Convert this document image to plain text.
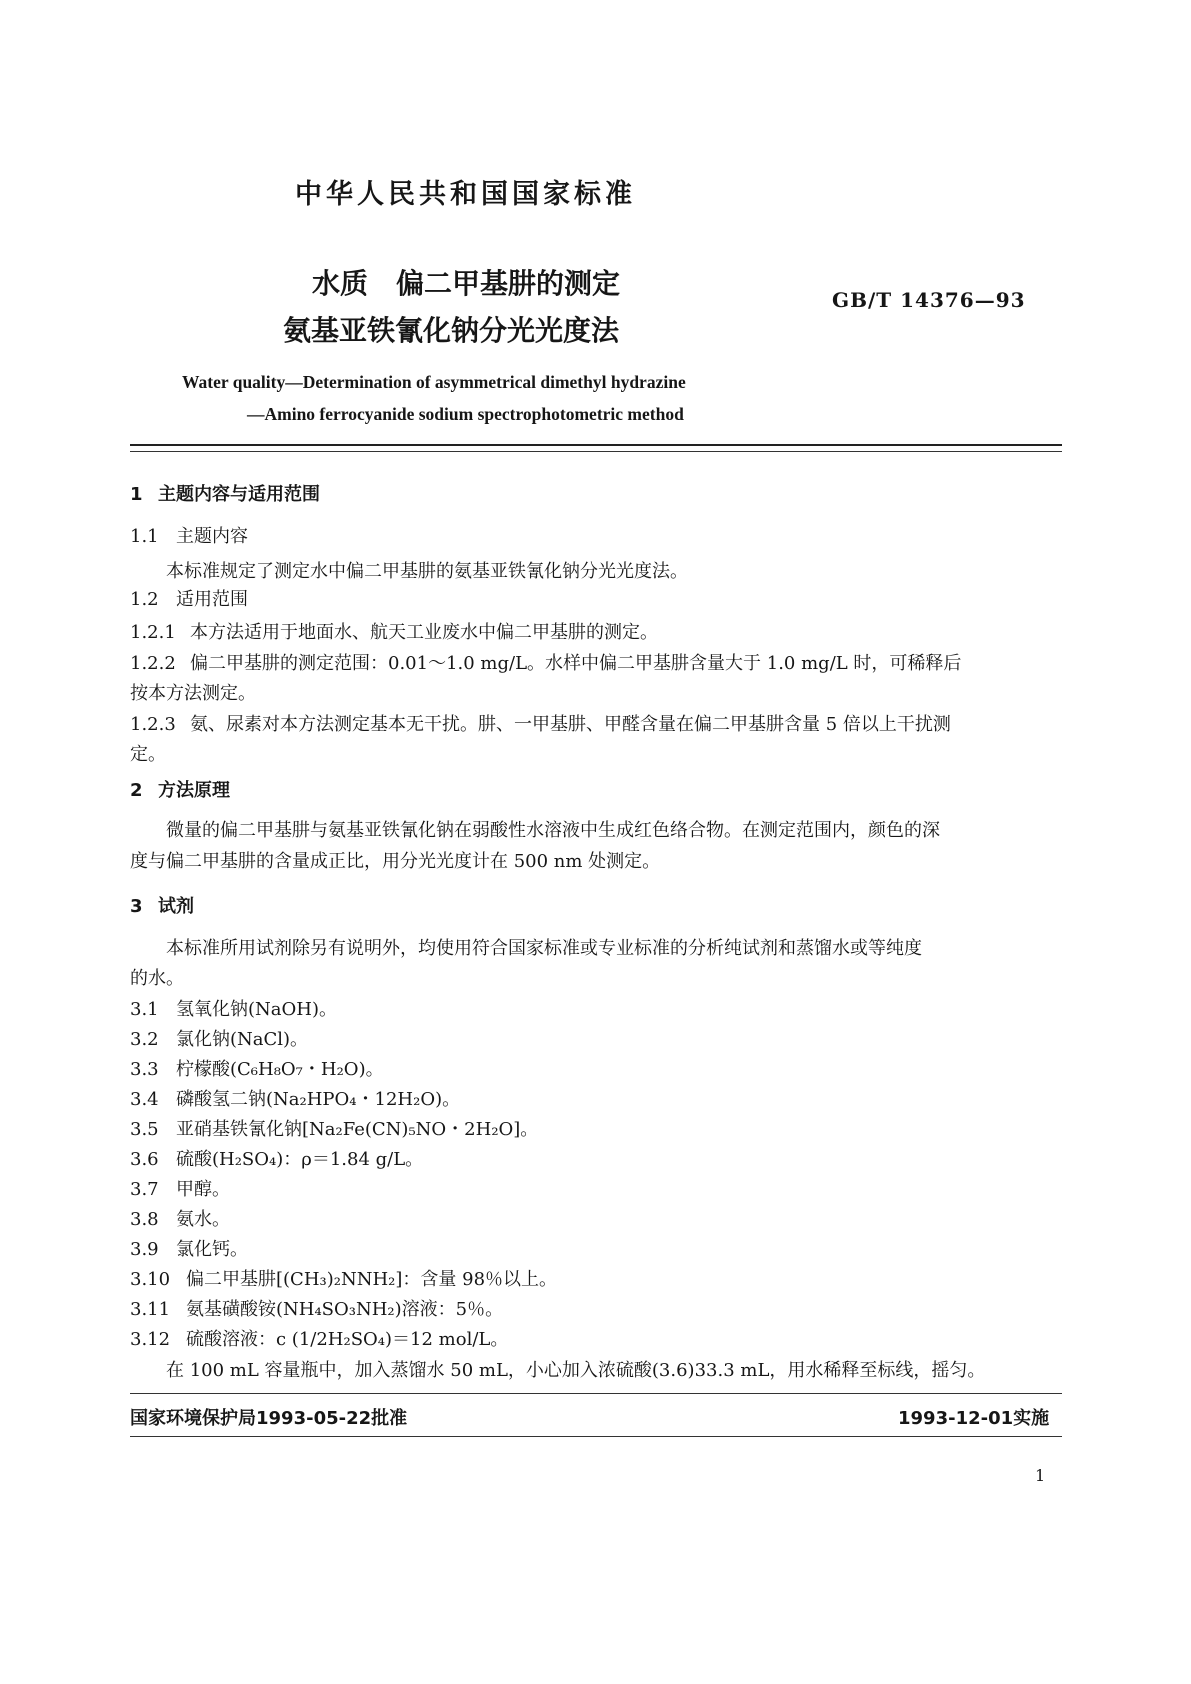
中华人民共和国国家标准
水质　偏二甲基肼的测定
氨基亚铁氰化钠分光光度法
GB/T 14376—93
Water quality—Determination of asymmetrical dimethyl hydrazine
—Amino ferrocyanide sodium spectrophotometric method
1 主题内容与适用范围
1.1 主题内容
本标准规定了测定水中偏二甲基肼的氨基亚铁氰化钠分光光度法。
1.2 适用范围
1.2.1 本方法适用于地面水、航天工业废水中偏二甲基肼的测定。
1.2.2 偏二甲基肼的测定范围：0.01～1.0 mg/L。水样中偏二甲基肼含量大于 1.0 mg/L 时，可稀释后
按本方法测定。
1.2.3 氨、尿素对本方法测定基本无干扰。肼、一甲基肼、甲醛含量在偏二甲基肼含量 5 倍以上干扰测
定。
2 方法原理
微量的偏二甲基肼与氨基亚铁氰化钠在弱酸性水溶液中生成红色络合物。在测定范围内，颜色的深
度与偏二甲基肼的含量成正比，用分光光度计在 500 nm 处测定。
3 试剂
本标准所用试剂除另有说明外，均使用符合国家标准或专业标准的分析纯试剂和蒸馏水或等纯度
的水。
3.1 氢氧化钠(NaOH)。
3.2 氯化钠(NaCl)。
3.3 柠檬酸(C₆H₈O₇・H₂O)。
3.4 磷酸氢二钠(Na₂HPO₄・12H₂O)。
3.5 亚硝基铁氰化钠[Na₂Fe(CN)₅NO・2H₂O]。
3.6 硫酸(H₂SO₄)：ρ＝1.84 g/L。
3.7 甲醇。
3.8 氨水。
3.9 氯化钙。
3.10 偏二甲基肼[(CH₃)₂NNH₂]：含量 98％以上。
3.11 氨基磺酸铵(NH₄SO₃NH₂)溶液：5％。
3.12 硫酸溶液：c (1/2H₂SO₄)＝12 mol/L。
在 100 mL 容量瓶中，加入蒸馏水 50 mL，小心加入浓硫酸(3.6)33.3 mL，用水稀释至标线，摇匀。
国家环境保护局1993-05-22批准	1993-12-01实施
1
